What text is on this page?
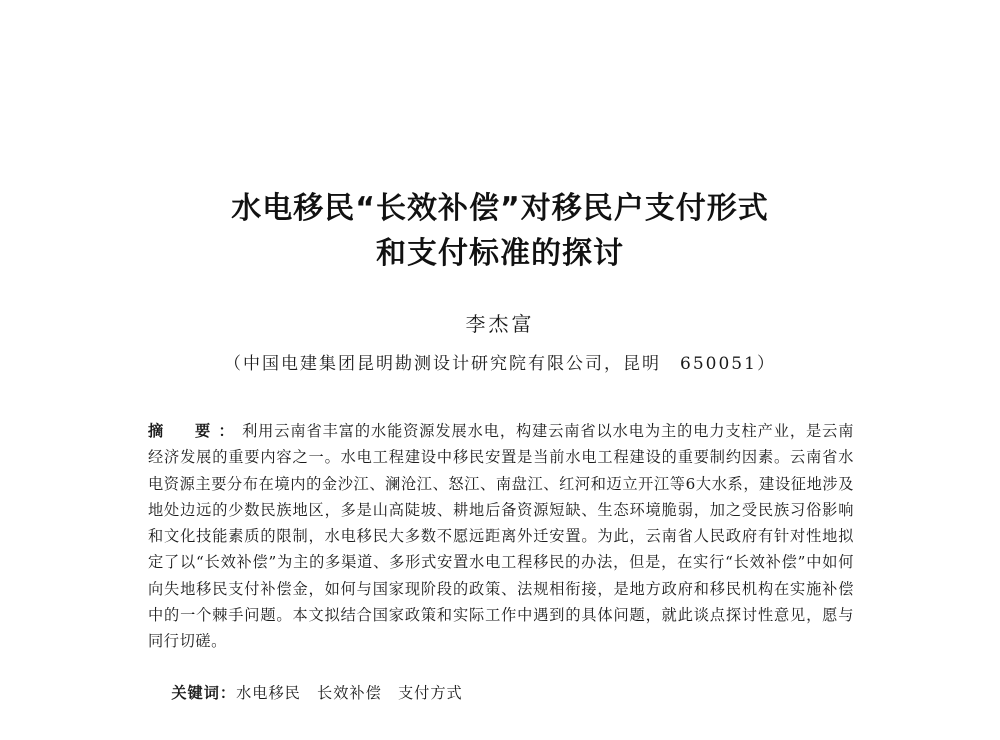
水电移民“长效补偿”对移民户支付形式
和支付标准的探讨
李杰富
（中国电建集团昆明勘测设计研究院有限公司，昆明　650051）
摘　要：利用云南省丰富的水能资源发展水电，构建云南省以水电为主的电力支柱产业，是云南经济发展的重要内容之一。水电工程建设中移民安置是当前水电工程建设的重要制约因素。云南省水电资源主要分布在境内的金沙江、澜沧江、怒江、南盘江、红河和迈立开江等6大水系，建设征地涉及地处边远的少数民族地区，多是山高陡坡、耕地后备资源短缺、生态环境脆弱，加之受民族习俗影响和文化技能素质的限制，水电移民大多数不愿远距离外迁安置。为此，云南省人民政府有针对性地拟定了以“长效补偿”为主的多渠道、多形式安置水电工程移民的办法，但是，在实行“长效补偿”中如何向失地移民支付补偿金，如何与国家现阶段的政策、法规相衔接，是地方政府和移民机构在实施补偿中的一个棘手问题。本文拟结合国家政策和实际工作中遇到的具体问题，就此谈点探讨性意见，愿与同行切磋。

关键词：水电移民　长效补偿　支付方式
